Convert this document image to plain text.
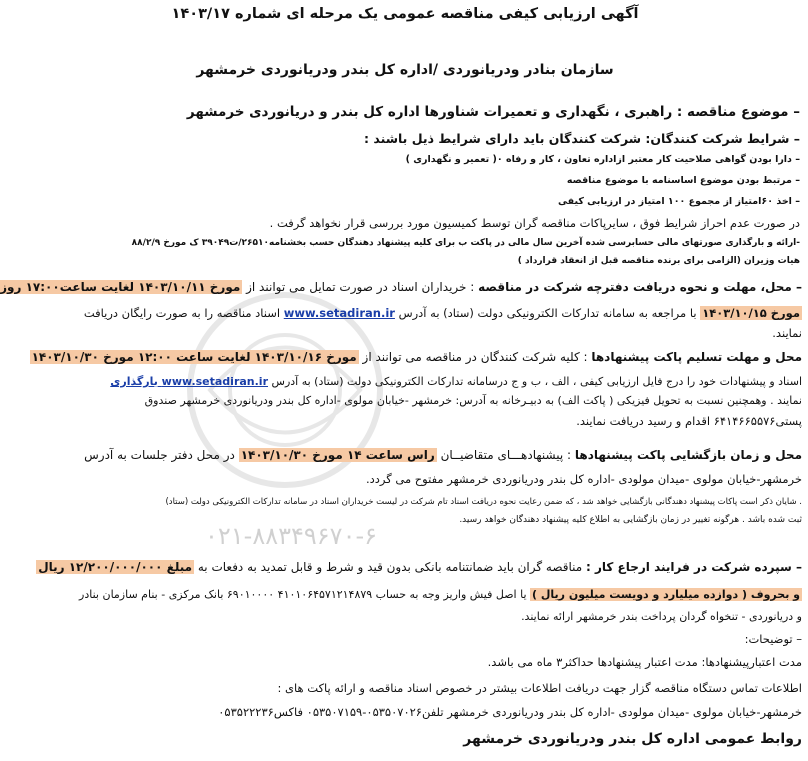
آگهی ارزیابی کیفی مناقصه عمومی یک مرحله ای شماره ۱۴۰۳/۱۷
سازمان بنادر ودریانوردی /اداره کل بندر ودریانوردی خرمشهر
– موضوع مناقصه : راهبری ، نگهداری و تعمیرات شناورها اداره کل بندر و دریانوردی خرمشهر
– شرایط شرکت کنندگان: شرکت کنندگان باید دارای شرایط ذیل باشند :
– دارا بودن گواهی صلاحیت کار معتبر ازاداره تعاون ، کار و رفاه ٠( تعمیر و نگهداری )
– مرتبط بودن موضوع اساسنامه با موضوع مناقصه
– اخذ ۶۰امتیاز از مجموع ۱۰۰ امتیاز در ارزیابی کیفی
در صورت عدم احراز شرایط فوق ، سایرپاکات مناقصه گران توسط کمیسیون مورد بررسی قرار نخواهد گرفت .
-ارائه و بارگذاری صورتهای مالی حسابرسی شده آخرین سال مالی در پاکت ب برای کلیه پیشنهاد دهندگان حسب بخشنامه۲۶۵۱۰/ت۳۹۰۴۹ ک مورخ ۸۸/۲/۹
هیات وزیران (الزامی برای برنده مناقصه قبل از انعقاد قرارداد )
– محل، مهلت و نحوه دریافت دفترچه شرکت در مناقصه : خریداران اسناد در صورت تمایل می توانند از مورخ ۱۴۰۳/۱۰/۱۱ لغایت ساعت۱۷:۰۰ روز
مورخ ۱۴۰۳/۱۰/۱۵ با مراجعه به سامانه تدارکات الکترونیکی دولت (ستاد) به آدرس www.setadiran.ir اسناد مناقصه را به صورت رایگان دریافت
نمایند.
محل و مهلت تسلیم پاکت پیشنهادها : کلیه شرکت کنندگان در مناقصه می توانند از مورخ ۱۴۰۳/۱۰/۱۶ لغایت ساعت ۱۲:۰۰ مورخ ۱۴۰۳/۱۰/۳۰
اسناد و پیشنهادات خود را درج فایل ارزیابی کیفی ، الف ، ب و ج درسامانه تدارکات الکترونیکی دولت (ستاد) به آدرس www.setadiran.ir بارگذاری
نمایند . وهمچنین نسبت به تحویل فیزیکی ( پاکت الف) به دبیـرخانه به آدرس: خرمشهر -خیابان مولوی -اداره کل بندر ودریانوردی خرمشهر صندوق
پستی۶۴۱۴۶۶۵۵۷۶ اقدام و رسید دریافت نمایند.
محل و زمان بازگشایی پاکت پیشنهادها : پیشنهادهـــای متقاضیــان راس ساعت ۱۴ مورخ ۱۴۰۳/۱۰/۳۰ در محل دفتر جلسات به آدرس
خرمشهر-خیابان مولوی -میدان مولودی -اداره کل بندر ودریانوردی خرمشهر مفتوح می گردد.
. شایان ذکر است پاکات پیشنهاد دهندگانی بازگشایی خواهد شد ، که ضمن رعایت نحوه دریافت اسناد تام شرکت در لیست خریداران اسناد در سامانه تدارکات الکترونیکی دولت (ستاد)
ثبت شده باشد . هرگونه تغییر در زمان بازگشایی به اطلاع کلیه پیشنهاد دهندگان خواهد رسید.
۰۲۱-۸۸۳۴۹۶۷۰-۶
– سپرده شرکت در فرایند ارجاع کار : مناقصه گران باید ضمانتنامه بانکی بدون قید و شرط و قابل تمدید به دفعات به مبلغ ۱۲/۲۰۰/۰۰۰/۰۰۰ ریال
و بحروف ( دوازده میلیارد و دویست میلیون ریال ) یا اصل فیش واریز وجه به حساب ۴۱۰۱۰۶۴۵۷۱۲۱۴۸۷۹ ۶۹۰۱۰۰۰۰ بانک مرکزی - بنام سازمان بنادر
و دریانوردی - تنخواه گردان پرداخت بندر خرمشهر ارائه نمایند.
– توضیحات:
مدت اعتبارپیشنهادها: مدت اعتبار پیشنهادها حداکثر۳ ماه می باشد.
اطلاعات تماس دستگاه مناقصه گزار جهت دریافت اطلاعات بیشتر در خصوص اسناد مناقصه و ارائه پاکت های :
خرمشهر-خیابان مولوی -میدان مولودی -اداره کل بندر ودریانوردی خرمشهر تلفن۰۵۳۵۰۷۰۲۶-۰۵۳۵۰۷۱۵۹ فاکس۰۵۳۵۲۲۲۳۶
روابط عمومی اداره کل بندر ودریانوردی خرمشهر
